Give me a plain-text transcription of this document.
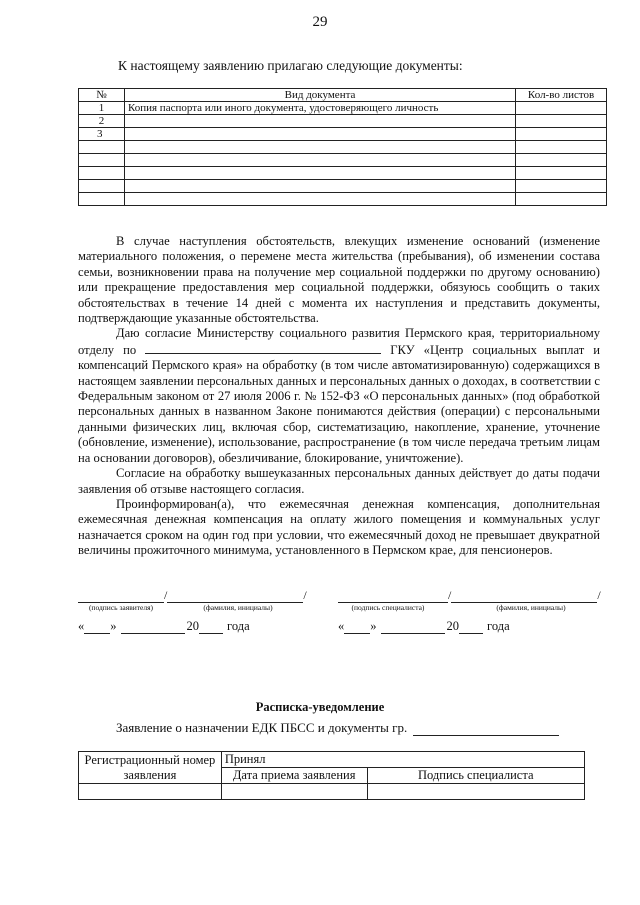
29
К настоящему заявлению прилагаю следующие документы:
№	Вид документа	Кол-во листов
1	Копия паспорта или иного документа, удостоверяющего личность	
2		
3		

В случае наступления обстоятельств, влекущих изменение оснований (изменение материального положения, о перемене места жительства (пребывания), об изменении состава семьи, возникновении права на получение мер социальной поддержки по другому основанию) или прекращение предоставления мер социальной поддержки, обязуюсь сообщить о таких обстоятельствах в течение 14 дней с момента их наступления и представить документы, подтверждающие указанные обстоятельства.

Даю согласие Министерству социального развития Пермского края, территориальному отделу по	ГКУ «Центр социальных выплат и компенсаций Пермского края» на обработку (в том числе автоматизированную) содержащихся в настоящем заявлении персональных данных и персональных данных о доходах, в соответствии с Федеральным законом от 27 июля 2006 г. № 152-ФЗ «О персональных данных» (под обработкой персональных данных в названном Законе понимаются действия (операции) с персональными данными физических лиц, включая сбор, систематизацию, накопление, хранение, уточнение (обновление, изменение), использование, распространение (в том числе передача третьим лицам на основании договоров), обезличивание, блокирование, уничтожение).

Согласие на обработку вышеуказанных персональных данных действует до даты подачи заявления об отзыве настоящего согласия.

Проинформирован(а), что ежемесячная денежная компенсация, дополнительная ежемесячная денежная компенсация на оплату жилого помещения и коммунальных услуг назначается сроком на один год при условии, что ежемесячный доход не превышает двукратной величины прожиточного минимума, установленного в Пермском крае, для пенсионеров.

/	/
(подпись заявителя)	(фамилия, инициалы)
/	/
(подпись специалиста)	(фамилия, инициалы)
« »	20 года	« »	20 года
Расписка-уведомление
Заявление о назначении ЕДК ПБСС и документы гр.
Регистрационный номер заявления	Принял	
	Дата приема заявления	Подпись специалиста
